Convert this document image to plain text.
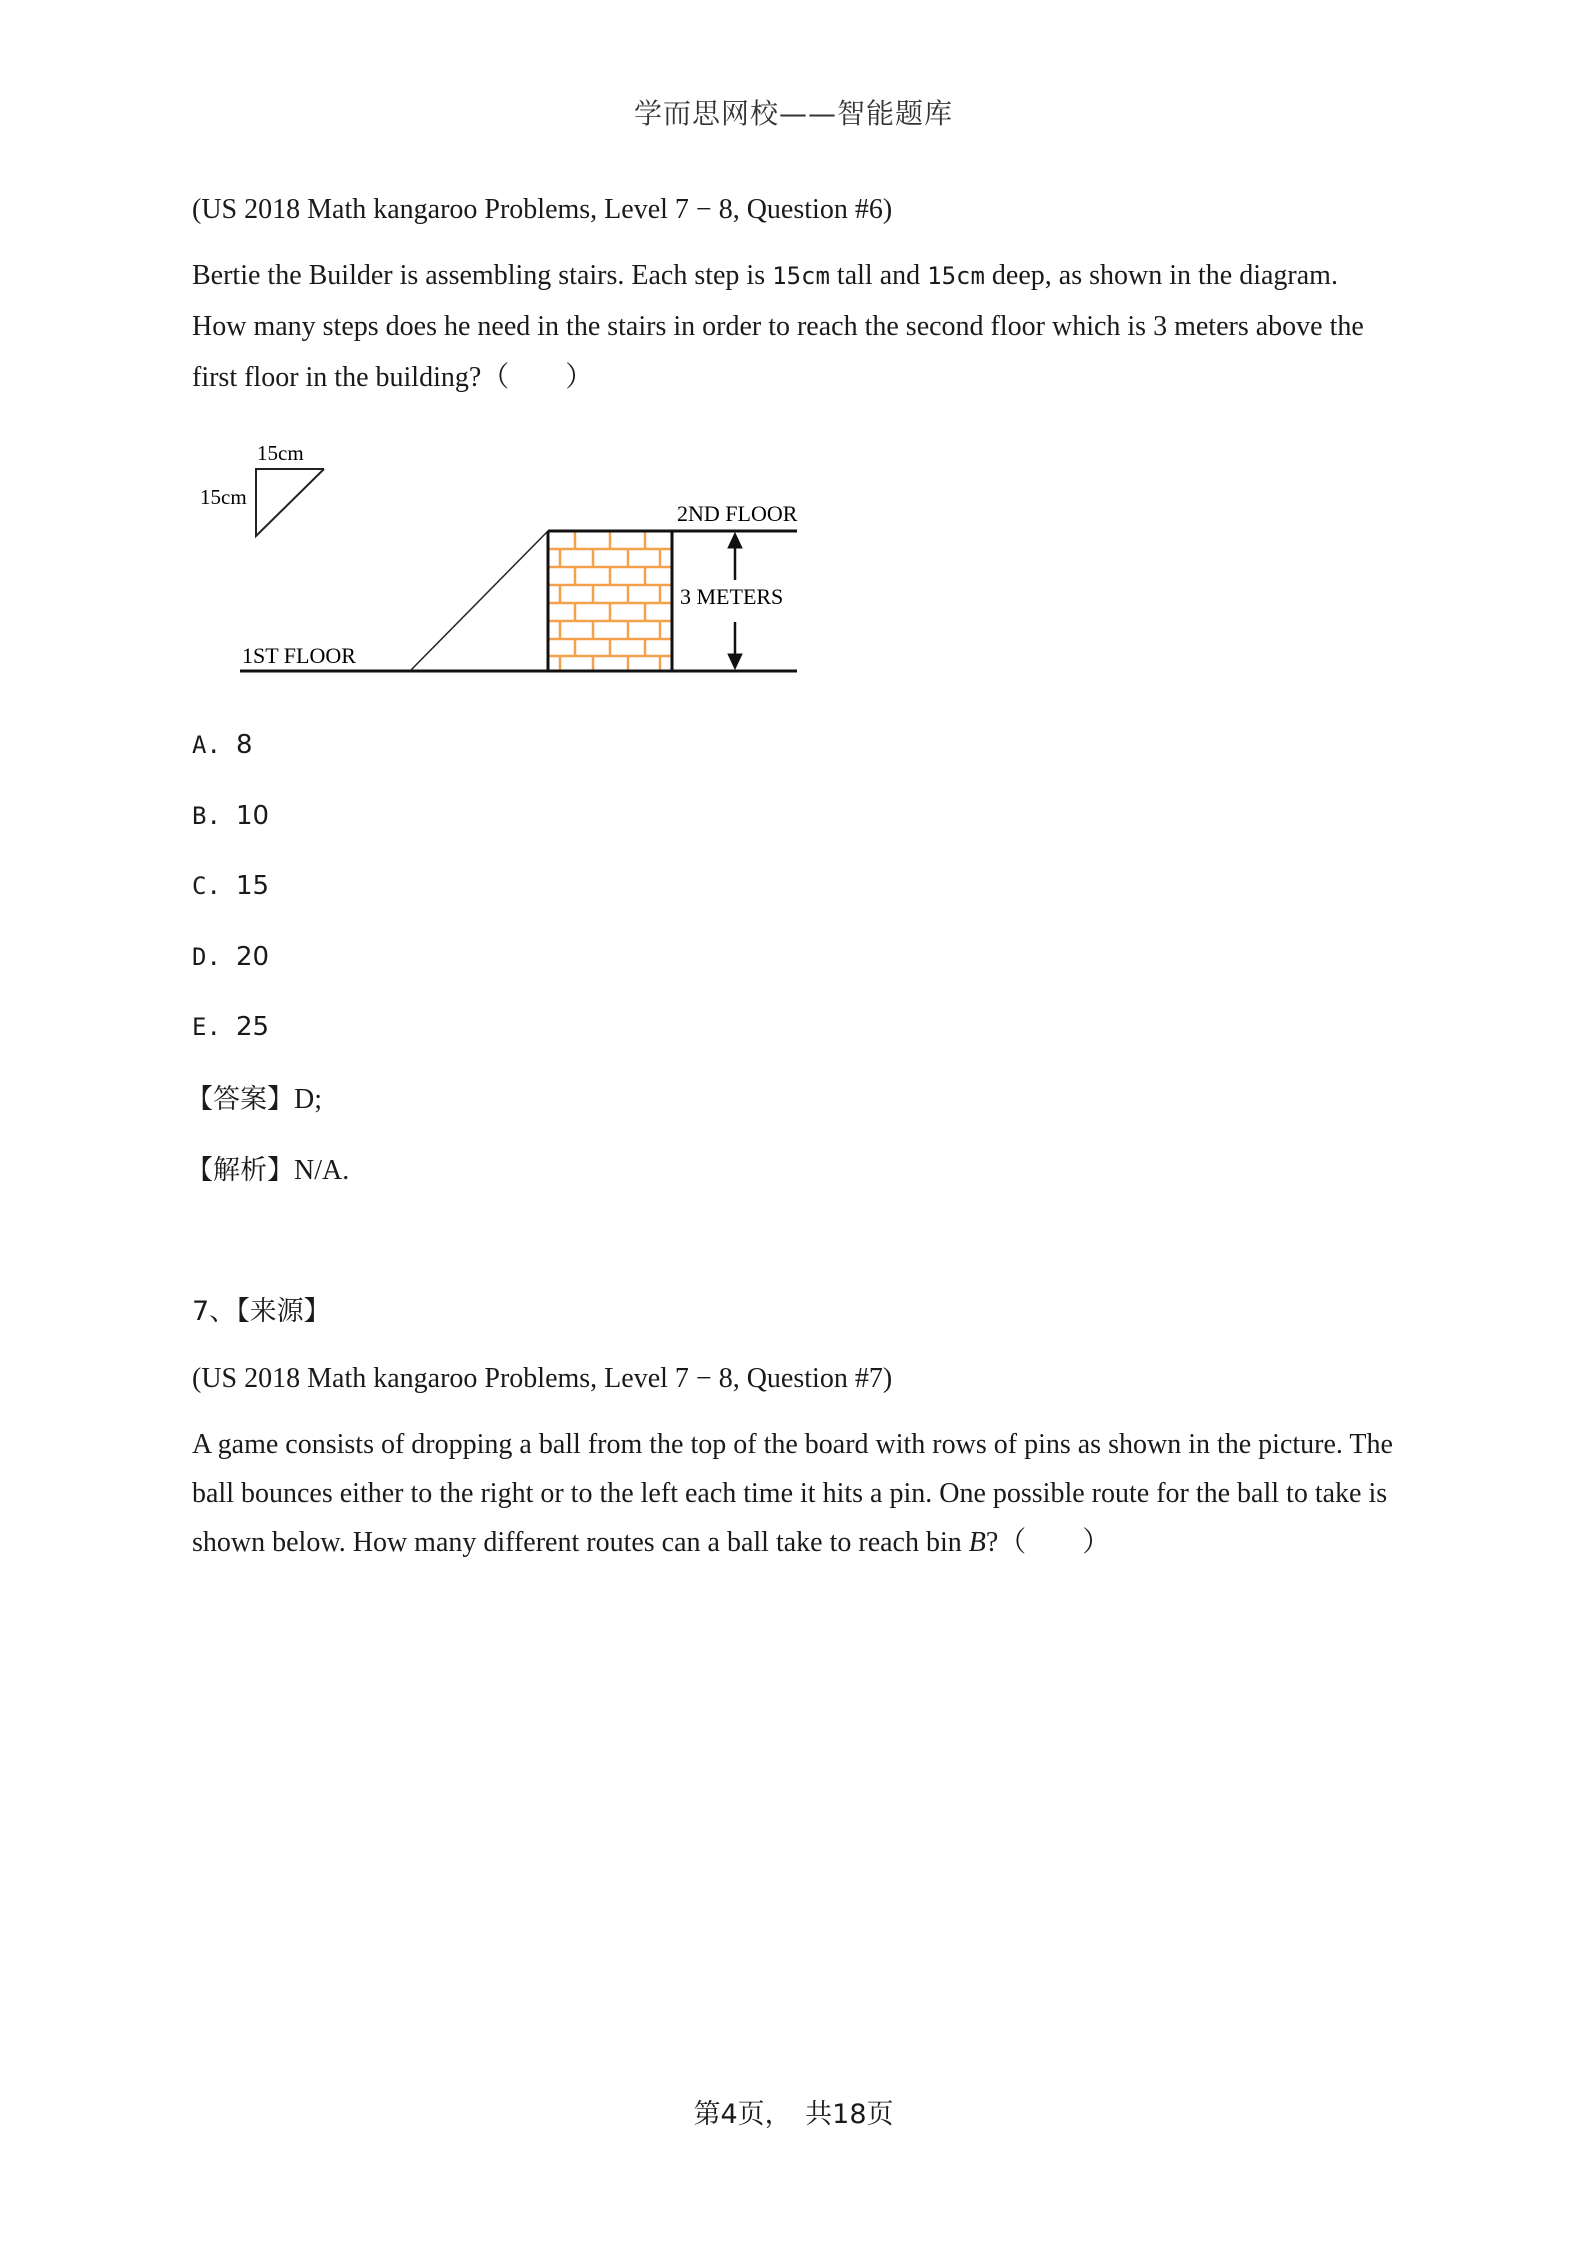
学而思网校——智能题库
(US 2018 Math kangaroo Problems, Level 7 − 8, Question #6)
Bertie the Builder is assembling stairs. Each step is 15cm tall and 15cm deep, as shown in the diagram.
How many steps does he need in the stairs in order to reach the second floor which is 3 meters above the
first floor in the building?（　　）
15cm
15cm
2ND FLOOR
3 METERS
1ST FLOOR
A. 8
B. 10
C. 15
D. 20
E. 25
【答案】D;
【解析】N/A.
7、【来源】
(US 2018 Math kangaroo Problems, Level 7 − 8, Question #7)
A game consists of dropping a ball from the top of the board with rows of pins as shown in the picture. The
ball bounces either to the right or to the left each time it hits a pin. One possible route for the ball to take is
shown below. How many different routes can a ball take to reach bin B?（　　）
第4页，　共18页
